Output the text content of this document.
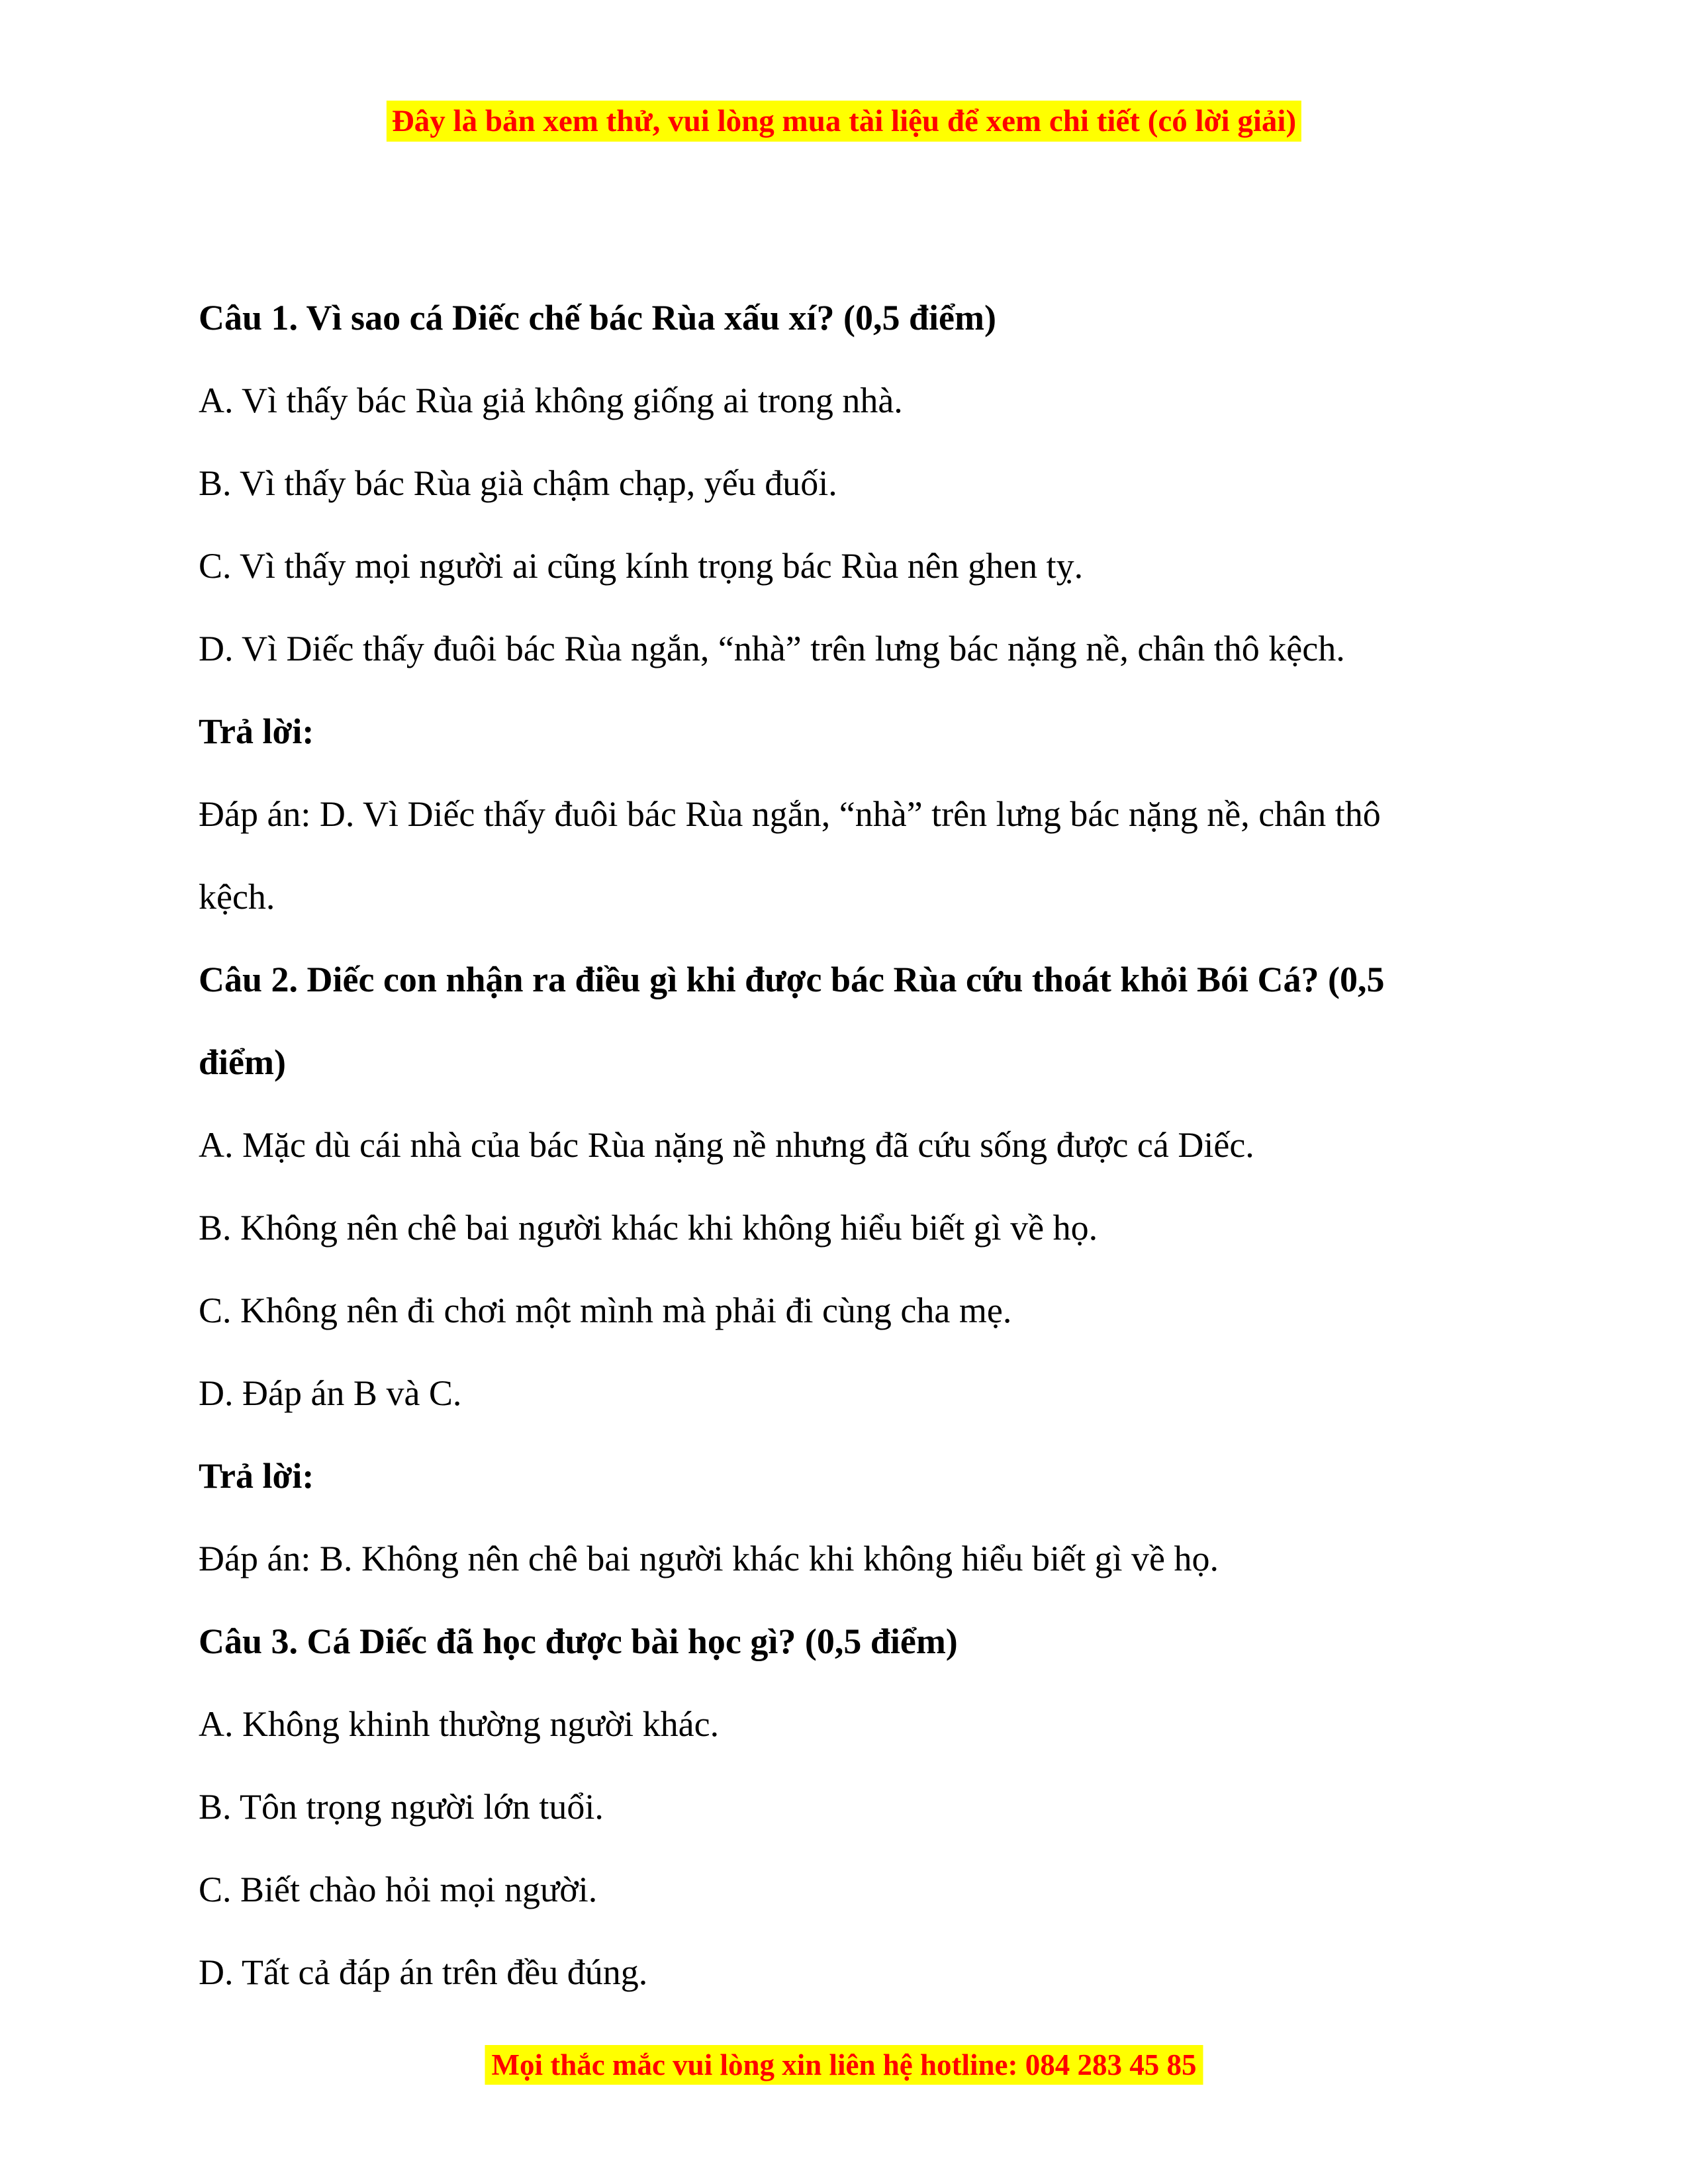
Đây là bản xem thử, vui lòng mua tài liệu để xem chi tiết (có lời giải)
Câu 1. Vì sao cá Diếc chế bác Rùa xấu xí? (0,5 điểm)
A. Vì thấy bác Rùa giả không giống ai trong nhà.
B. Vì thấy bác Rùa già chậm chạp, yếu đuối.
C. Vì thấy mọi người ai cũng kính trọng bác Rùa nên ghen tỵ.
D. Vì Diếc thấy đuôi bác Rùa ngắn, “nhà” trên lưng bác nặng nề, chân thô kệch.
Trả lời:
Đáp án: D. Vì Diếc thấy đuôi bác Rùa ngắn, “nhà” trên lưng bác nặng nề, chân thô
kệch.
Câu 2. Diếc con nhận ra điều gì khi được bác Rùa cứu thoát khỏi Bói Cá? (0,5
điểm)
A. Mặc dù cái nhà của bác Rùa nặng nề nhưng đã cứu sống được cá Diếc.
B. Không nên chê bai người khác khi không hiểu biết gì về họ.
C. Không nên đi chơi một mình mà phải đi cùng cha mẹ.
D. Đáp án B và C.
Trả lời:
Đáp án: B. Không nên chê bai người khác khi không hiểu biết gì về họ.
Câu 3. Cá Diếc đã học được bài học gì? (0,5 điểm)
A. Không khinh thường người khác.
B. Tôn trọng người lớn tuổi.
C. Biết chào hỏi mọi người.
D. Tất cả đáp án trên đều đúng.
Mọi thắc mắc vui lòng xin liên hệ hotline: 084 283 45 85
